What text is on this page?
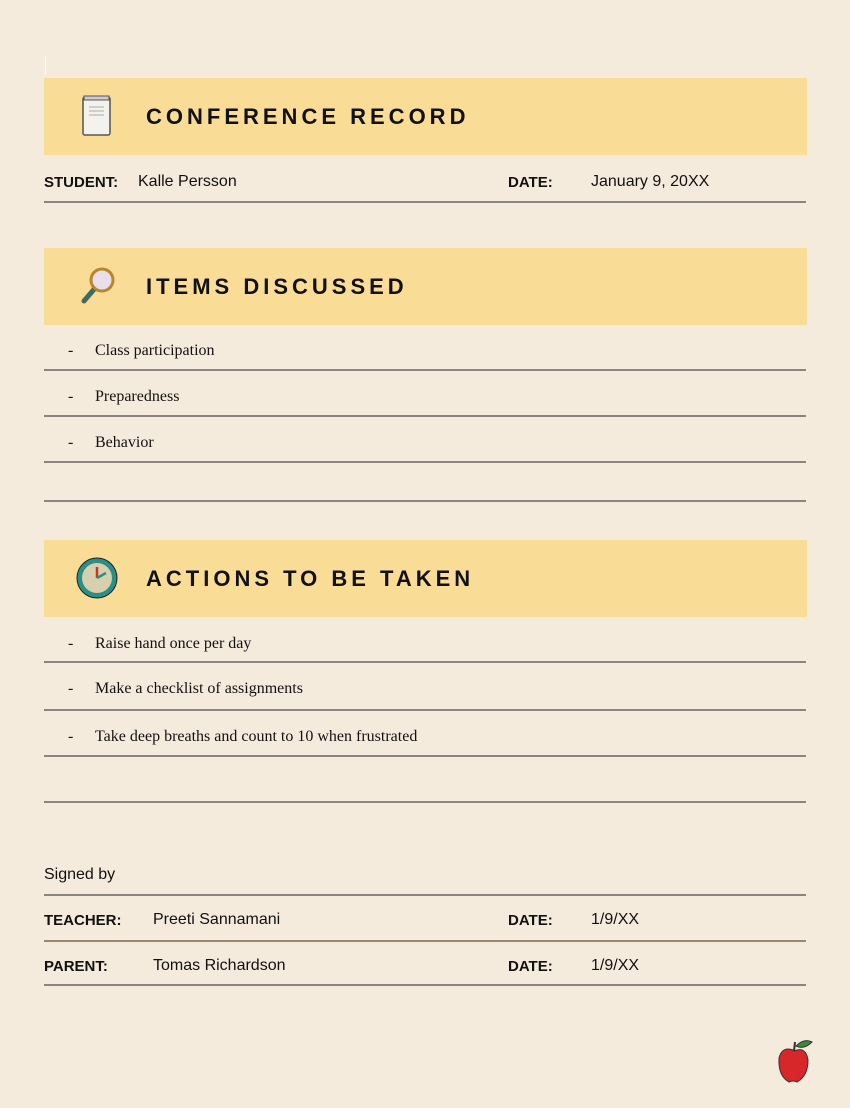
CONFERENCE RECORD
STUDENT: Kalle Persson	DATE: January 9, 20XX
ITEMS DISCUSSED
- Class participation
- Preparedness
- Behavior
ACTIONS TO BE TAKEN
- Raise hand once per day
- Make a checklist of assignments
- Take deep breaths and count to 10 when frustrated
Signed by
TEACHER: Preeti Sannamani	DATE: 1/9/XX
PARENT:	Tomas Richardson	DATE: 1/9/XX
